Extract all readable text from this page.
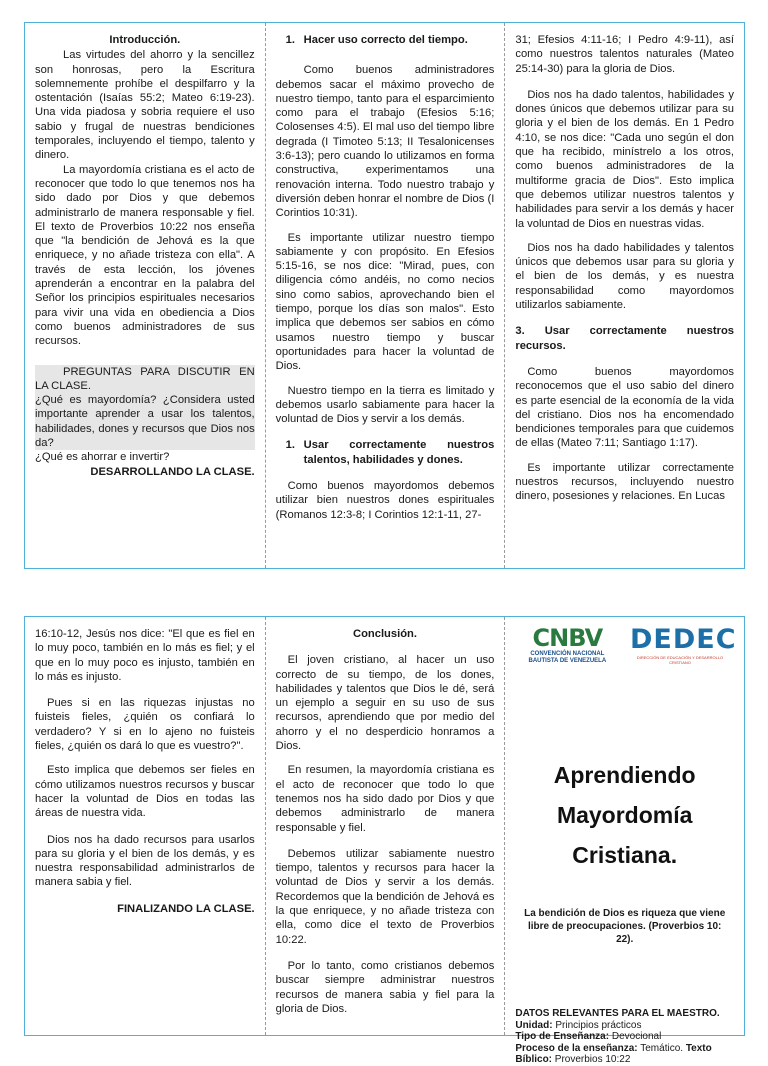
Introducción.

Las virtudes del ahorro y la sencillez son honrosas, pero la Escritura solemnemente prohíbe el despilfarro y la ostentación (Isaías 55:2; Mateo 6:19-23). Una vida piadosa y sobria requiere el uso sabio y frugal de nuestras bendiciones temporales, incluyendo el tiempo, talento y dinero.

La mayordomía cristiana es el acto de reconocer que todo lo que tenemos nos ha sido dado por Dios y que debemos administrarlo de manera responsable y fiel. El texto de Proverbios 10:22 nos enseña que "la bendición de Jehová es la que enriquece, y no añade tristeza con ella". A través de esta lección, los jóvenes aprenderán a encontrar en la palabra del Señor los principios espirituales necesarios para vivir una vida en obediencia a Dios como buenos administradores de sus recursos.

PREGUNTAS PARA DISCUTIR EN LA CLASE.

¿Qué es mayordomía? ¿Considera usted importante aprender a usar los talentos, habilidades, dones y recursos que Dios nos da?

¿Qué es ahorrar e invertir?

DESARROLLANDO LA CLASE.

1. Hacer uso correcto del tiempo.

Como buenos administradores debemos sacar el máximo provecho de nuestro tiempo, tanto para el esparcimiento como para el trabajo (Efesios 5:16; Colosenses 4:5). El mal uso del tiempo libre degrada (I Timoteo 5:13; II Tesalonicenses 3:6-13); pero cuando lo utilizamos en forma constructiva, experimentamos una renovación interna. Todo nuestro trabajo y diversión deben honrar el nombre de Dios (I Corintios 10:31).

Es importante utilizar nuestro tiempo sabiamente y con propósito. En Efesios 5:15-16, se nos dice: "Mirad, pues, con diligencia cómo andéis, no como necios sino como sabios, aprovechando bien el tiempo, porque los días son malos". Esto implica que debemos ser sabios en cómo usamos nuestro tiempo y buscar oportunidades para hacer la voluntad de Dios.

Nuestro tiempo en la tierra es limitado y debemos usarlo sabiamente para hacer la voluntad de Dios y servir a los demás.

1. Usar correctamente nuestros talentos, habilidades y dones.

Como buenos mayordomos debemos utilizar bien nuestros dones espirituales (Romanos 12:3-8; I Corintios 12:1-11, 27-

31; Efesios 4:11-16; I Pedro 4:9-11), así como nuestros talentos naturales (Mateo 25:14-30) para la gloria de Dios.

Dios nos ha dado talentos, habilidades y dones únicos que debemos utilizar para su gloria y el bien de los demás. En 1 Pedro 4:10, se nos dice: "Cada uno según el don que ha recibido, minístrelo a los otros, como buenos administradores de la multiforme gracia de Dios". Esto implica que debemos utilizar nuestros talentos y habilidades para servir a los demás y hacer la voluntad de Dios en nuestras vidas.

Dios nos ha dado habilidades y talentos únicos que debemos usar para su gloria y el bien de los demás, y es nuestra responsabilidad como mayordomos utilizarlos sabiamente.

3. Usar correctamente nuestros recursos.

Como buenos mayordomos reconocemos que el uso sabio del dinero es parte esencial de la economía de la vida del cristiano. Dios nos ha encomendado bendiciones temporales para que cuidemos de ellas (Mateo 7:11; Santiago 1:17).

Es importante utilizar correctamente nuestros recursos, incluyendo nuestro dinero, posesiones y relaciones. En Lucas

16:10-12, Jesús nos dice: "El que es fiel en lo muy poco, también en lo más es fiel; y el que en lo muy poco es injusto, también en lo más es injusto.

Pues si en las riquezas injustas no fuisteis fieles, ¿quién os confiará lo verdadero? Y si en lo ajeno no fuisteis fieles, ¿quién os dará lo que es vuestro?".

Esto implica que debemos ser fieles en cómo utilizamos nuestros recursos y buscar hacer la voluntad de Dios en todas las áreas de nuestra vida.

Dios nos ha dado recursos para usarlos para su gloria y el bien de los demás, y es nuestra responsabilidad administrarlos de manera sabia y fiel.

FINALIZANDO LA CLASE.

Conclusión.

El joven cristiano, al hacer un uso correcto de su tiempo, de los dones, habilidades y talentos que Dios le dé, será un ejemplo a seguir en su uso de sus recursos, aprendiendo que por medio del ahorro y el no desperdicio honramos a Dios.

En resumen, la mayordomía cristiana es el acto de reconocer que todo lo que tenemos nos ha sido dado por Dios y que debemos administrarlo de manera responsable y fiel.

Debemos utilizar sabiamente nuestro tiempo, talentos y recursos para hacer la voluntad de Dios y servir a los demás. Recordemos que la bendición de Jehová es la que enriquece, y no añade tristeza con ella, como dice el texto de Proverbios 10:22.

Por lo tanto, como cristianos debemos buscar siempre administrar nuestros recursos de manera sabia y fiel para la gloria de Dios.

CNBV
CONVENCIÓN NACIONAL
BAUTISTA DE VENEZUELA
DEDEC
DIRECCIÓN DE EDUCACIÓN Y DESARROLLO CRISTIANO
Aprendiendo
Mayordomía
Cristiana.
La bendición de Dios es riqueza que viene libre de preocupaciones. (Proverbios 10: 22).

DATOS RELEVANTES PARA EL MAESTRO.

Unidad: Principios prácticos

Tipo de Enseñanza: Devocional

Proceso de la enseñanza: Temático. Texto Bíblico: Proverbios 10:22
